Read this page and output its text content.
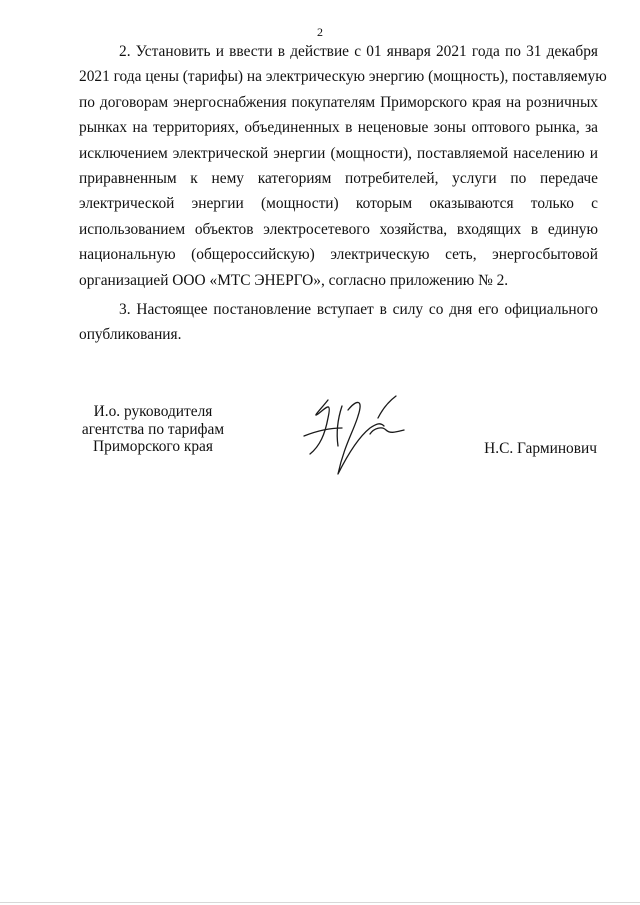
2
2. Установить и ввести в действие с 01 января 2021 года по 31 декабря
2021 года цены (тарифы) на электрическую энергию (мощность), поставляемую
по договорам энергоснабжения покупателям Приморского края на розничных
рынках на территориях, объединенных в неценовые зоны оптового рынка, за
исключением электрической энергии (мощности), поставляемой населению и
приравненным к нему категориям потребителей, услуги по передаче
электрической энергии (мощности) которым оказываются только с
использованием объектов электросетевого хозяйства, входящих в единую
национальную (общероссийскую) электрическую сеть, энергосбытовой
организацией ООО «МТС ЭНЕРГО», согласно приложению № 2.
3. Настоящее постановление вступает в силу со дня его официального
опубликования.
И.о. руководителя
агентства по тарифам
Приморского края	Н.С. Гарминович
